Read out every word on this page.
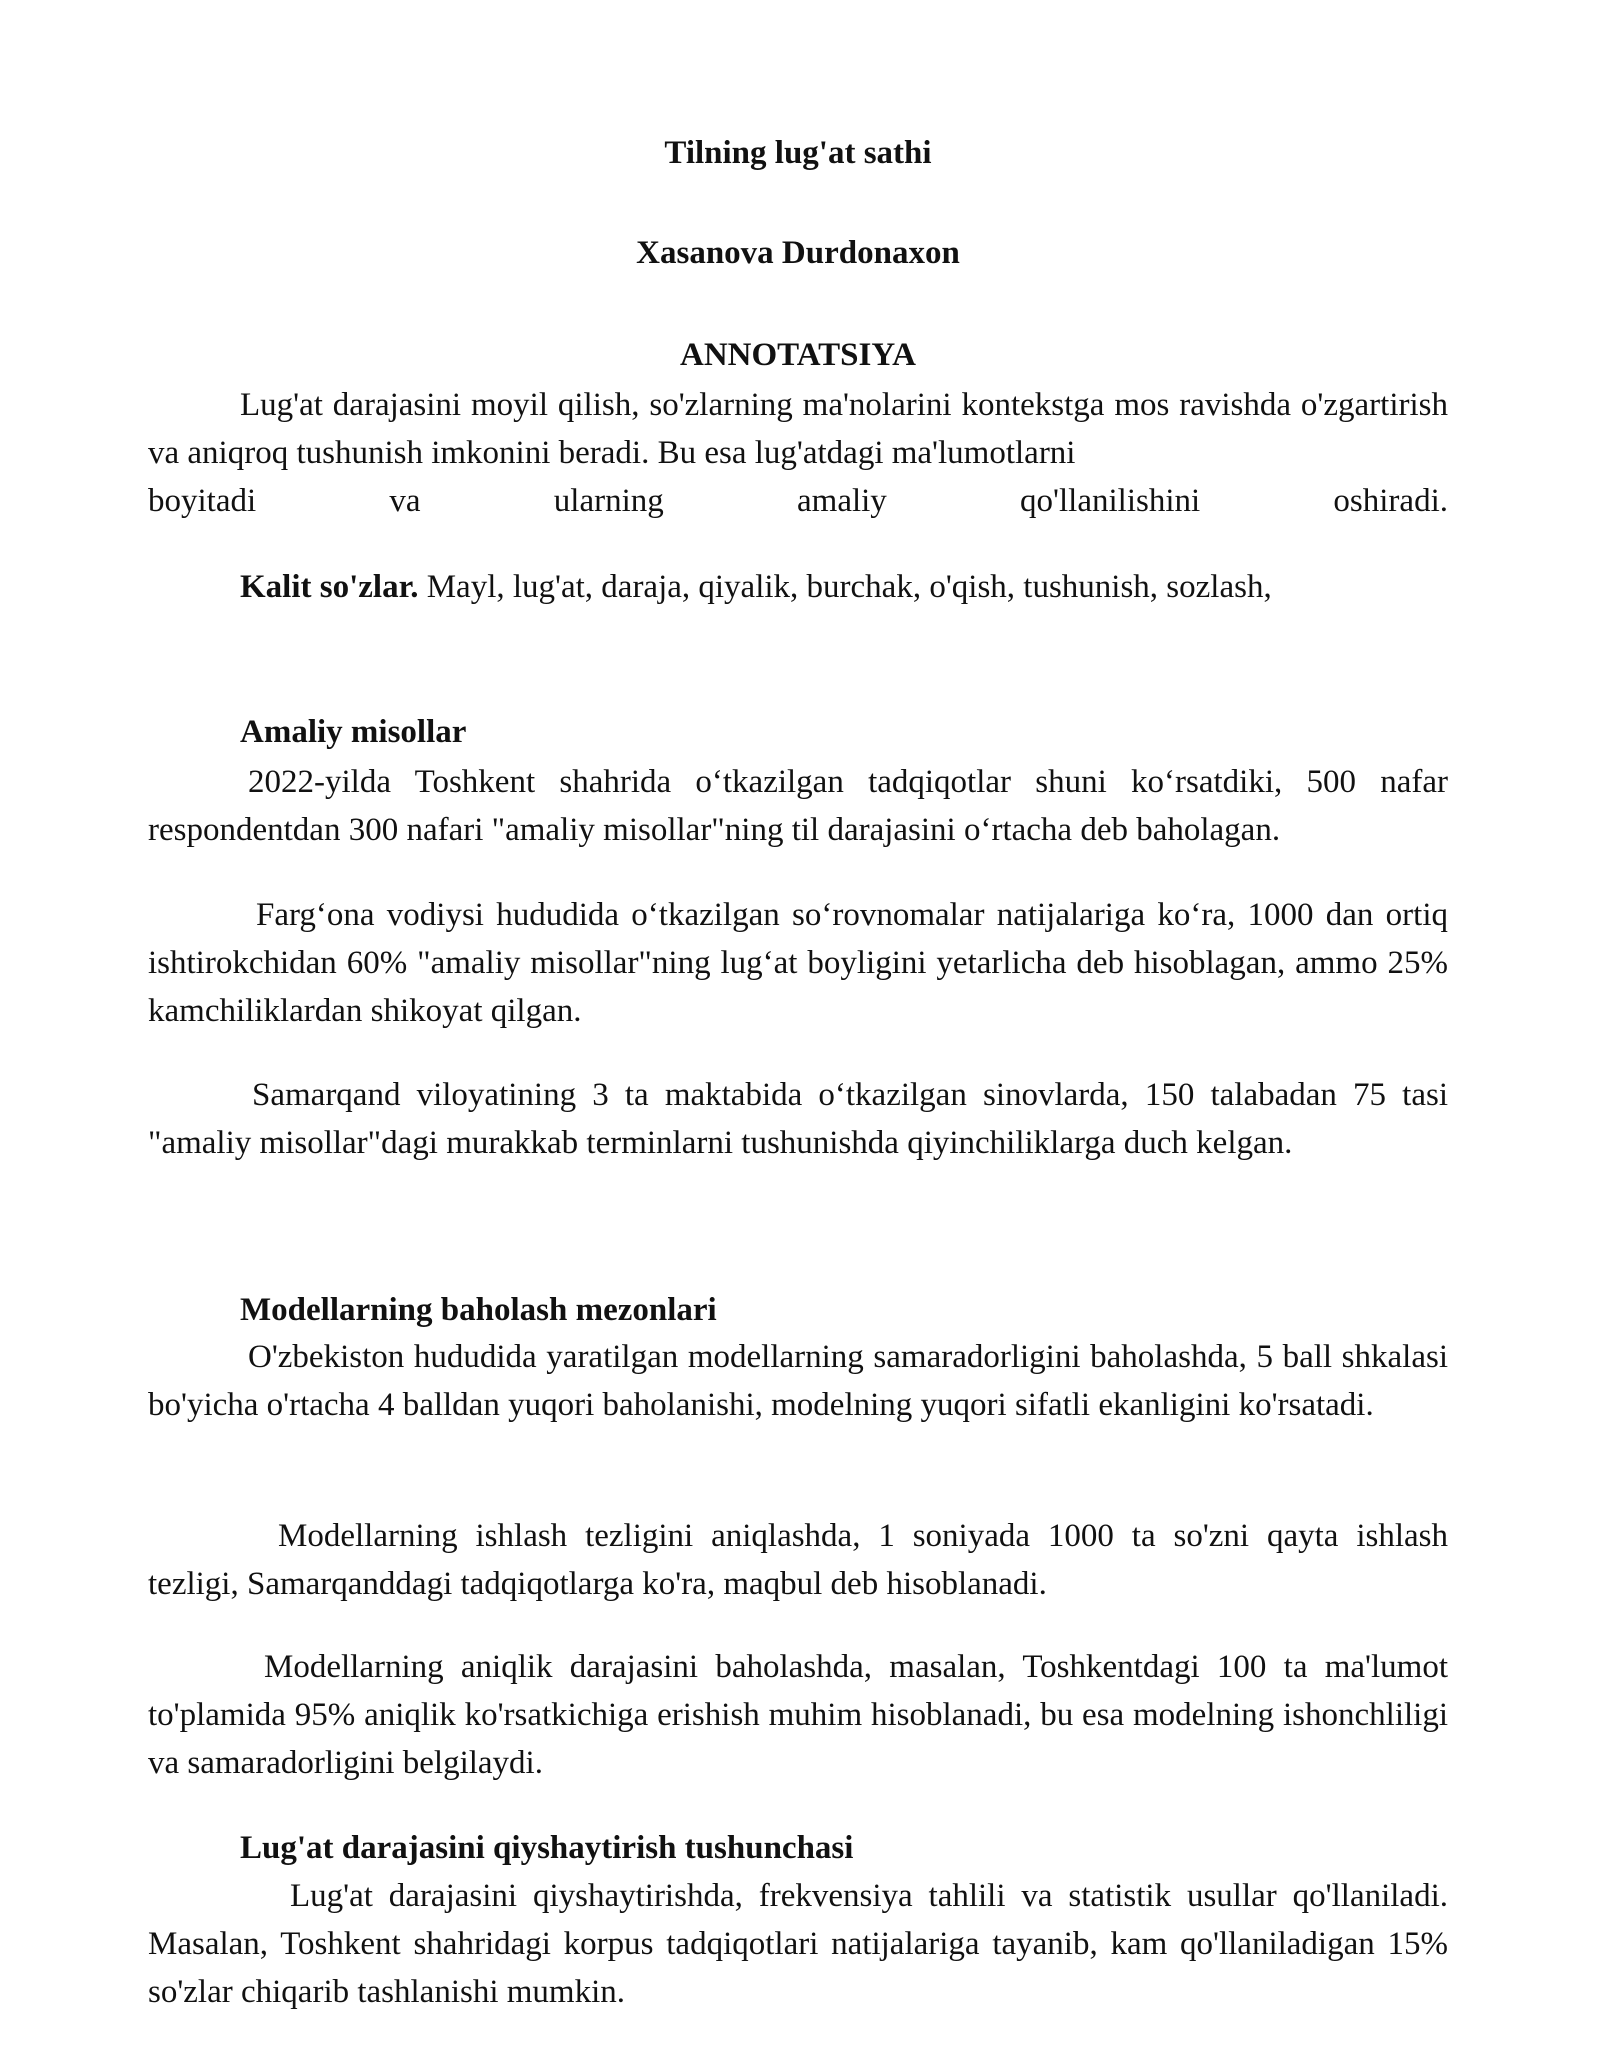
Tilning lug'at sathi
Xasanova Durdonaxon
ANNOTATSIYA
Lug'at darajasini moyil qilish, so'zlarning ma'nolarini kontekstga mos ravishda o'zgartirish va aniqroq tushunish imkonini beradi. Bu esa lug'atdagi ma'lumotlarni
boyitadi va ularning amaliy qo'llanilishini oshiradi.
Kalit so'zlar. Mayl, lug'at, daraja, qiyalik, burchak, o'qish, tushunish, sozlash,
Amaliy misollar
2022-yilda Toshkent shahrida oʻtkazilgan tadqiqotlar shuni koʻrsatdiki, 500 nafar respondentdan 300 nafari "amaliy misollar"ning til darajasini oʻrtacha deb baholagan.
Fargʻona vodiysi hududida oʻtkazilgan soʻrovnomalar natijalariga koʻra, 1000 dan ortiq ishtirokchidan 60% "amaliy misollar"ning lugʻat boyligini yetarlicha deb hisoblagan, ammo 25% kamchiliklardan shikoyat qilgan.
Samarqand viloyatining 3 ta maktabida oʻtkazilgan sinovlarda, 150 talabadan 75 tasi "amaliy misollar"dagi murakkab terminlarni tushunishda qiyinchiliklarga duch kelgan.
Modellarning baholash mezonlari
O'zbekiston hududida yaratilgan modellarning samaradorligini baholashda, 5 ball shkalasi bo'yicha o'rtacha 4 balldan yuqori baholanishi, modelning yuqori sifatli ekanligini ko'rsatadi.
Modellarning ishlash tezligini aniqlashda, 1 soniyada 1000 ta so'zni qayta ishlash tezligi, Samarqanddagi tadqiqotlarga ko'ra, maqbul deb hisoblanadi.
Modellarning aniqlik darajasini baholashda, masalan, Toshkentdagi 100 ta ma'lumot to'plamida 95% aniqlik ko'rsatkichiga erishish muhim hisoblanadi, bu esa modelning ishonchliligi va samaradorligini belgilaydi.
Lug'at darajasini qiyshaytirish tushunchasi
Lug'at darajasini qiyshaytirishda, frekvensiya tahlili va statistik usullar qo'llaniladi. Masalan, Toshkent shahridagi korpus tadqiqotlari natijalariga tayanib, kam qo'llaniladigan 15% so'zlar chiqarib tashlanishi mumkin.
